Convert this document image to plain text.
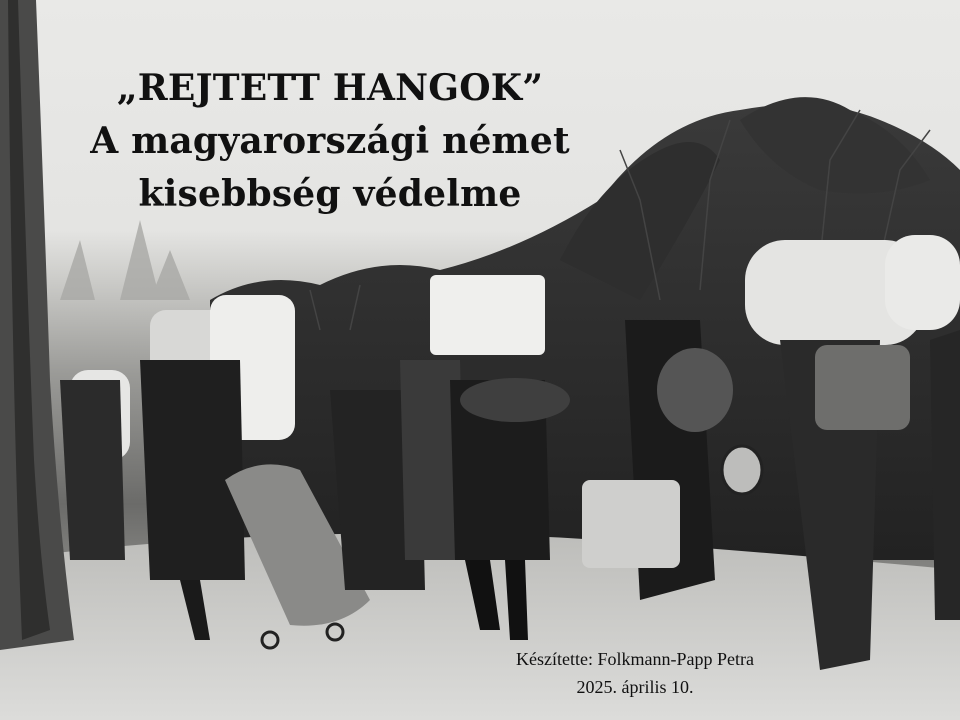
„REJTETT HANGOK”
A magyarországi német
kisebbség védelme
Készítette: Folkmann-Papp Petra
2025. április 10.
